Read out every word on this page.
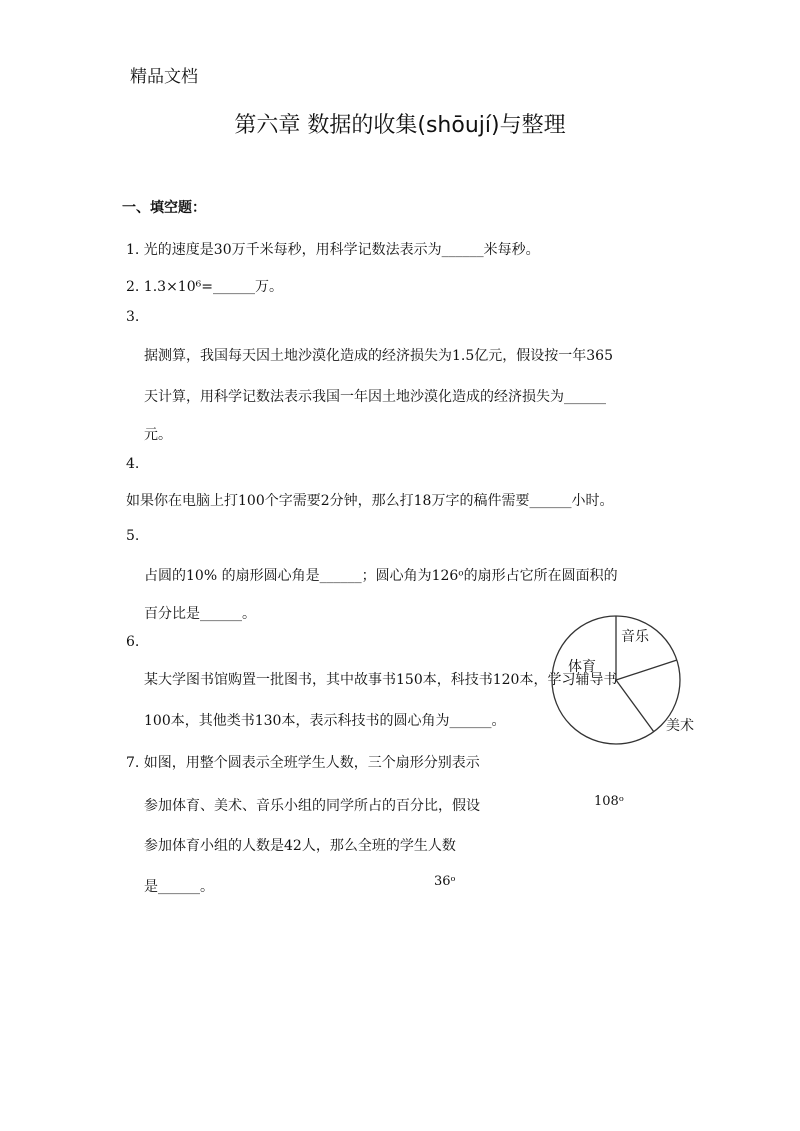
精品文档
第六章 数据的收集(shōují)与整理
一、填空题：
1. 光的速度是30万千米每秒，用科学记数法表示为______米每秒。
2. 1.3×10⁶=______万。
3.
据测算，我国每天因土地沙漠化造成的经济损失为1.5亿元，假设按一年365
天计算，用科学记数法表示我国一年因土地沙漠化造成的经济损失为______
元。
4.
如果你在电脑上打100个字需要2分钟，那么打18万字的稿件需要______小时。
5.
占圆的10% 的扇形圆心角是______；圆心角为126ᵒ的扇形占它所在圆面积的
百分比是______。
6.
某大学图书馆购置一批图书，其中故事书150本，科技书120本，学习辅导书
100本，其他类书130本，表示科技书的圆心角为______。
7. 如图，用整个圆表示全班学生人数，三个扇形分别表示
参加体育、美术、音乐小组的同学所占的百分比，假设
参加体育小组的人数是42人，那么全班的学生人数
是______。
音乐
体育
美术
108ᵒ
36ᵒ
